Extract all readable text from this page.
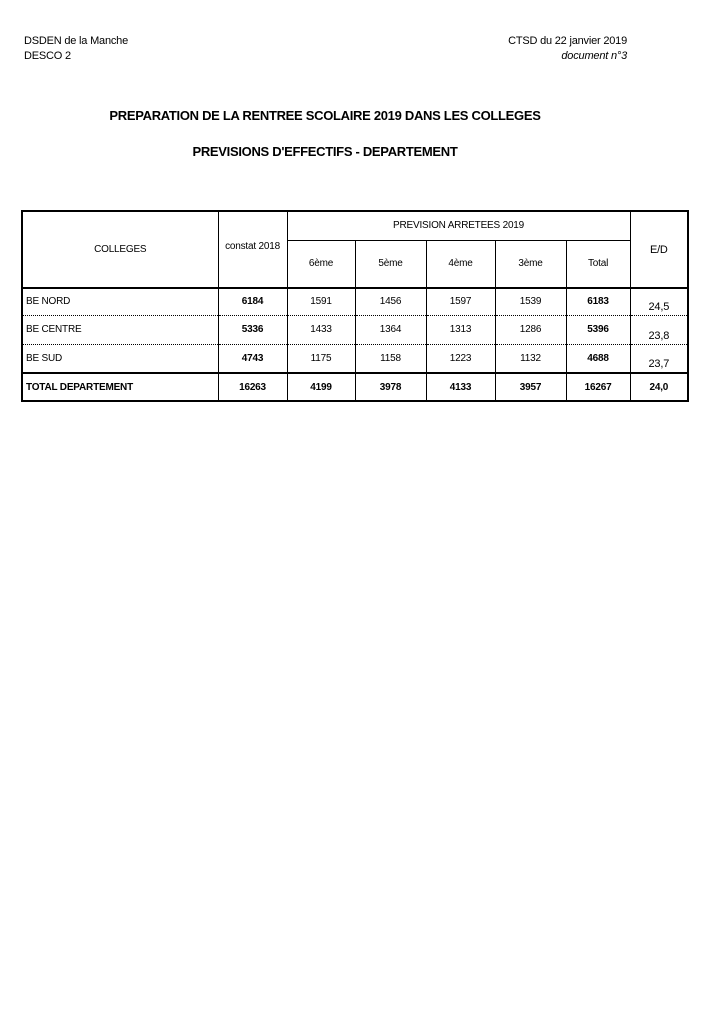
DSDEN de la Manche
DESCO 2
CTSD du 22 janvier 2019
document n°3
PREPARATION DE LA RENTREE SCOLAIRE 2019 DANS LES COLLEGES
PREVISIONS D'EFFECTIFS - DEPARTEMENT
COLLEGES	constat 2018	PREVISION ARRETEES 2019					E/D
		6ème	5ème	4ème	3ème	Total	
BE NORD	6184	1591	1456	1597	1539	6183	24,5
BE CENTRE	5336	1433	1364	1313	1286	5396	23,8
BE SUD	4743	1175	1158	1223	1132	4688	23,7
TOTAL DEPARTEMENT	16263	4199	3978	4133	3957	16267	24,0
